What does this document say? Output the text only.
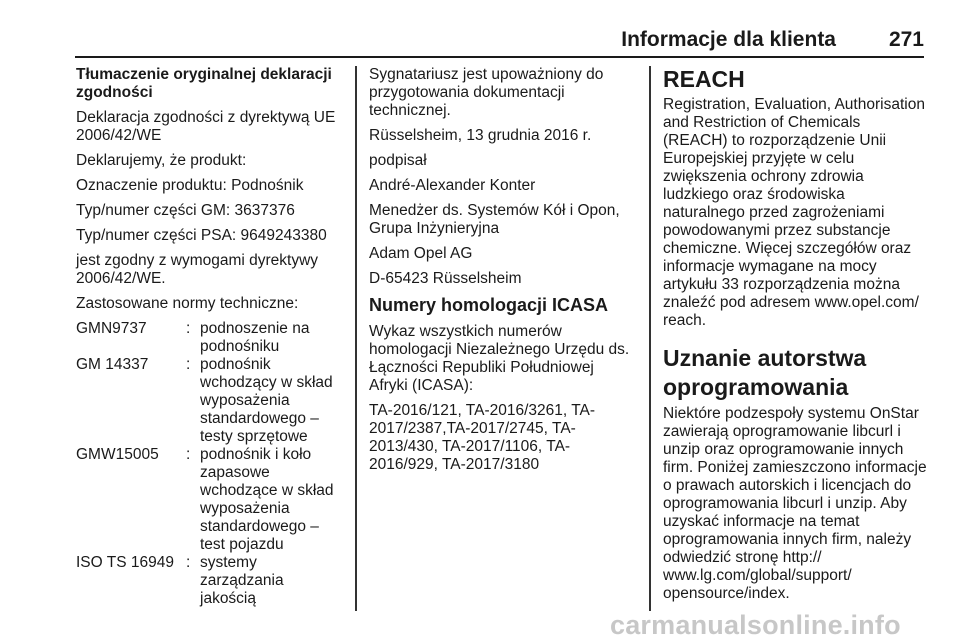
Informacje dla klienta	271

Tłumaczenie oryginalnej deklaracji zgodności

Deklaracja zgodności z dyrektywą UE 2006/42/WE

Deklarujemy, że produkt:

Oznaczenie produktu: Podnośnik

Typ/numer części GM: 3637376

Typ/numer części PSA: 9649243380

jest zgodny z wymogami dyrektywy 2006/42/WE.

Zastosowane normy techniczne:

GMN9737	: podnoszenie na podnośniku
GM 14337	: podnośnik wchodzący w skład wyposażenia standardowego – testy sprzętowe
GMW15005	: podnośnik i koło zapasowe wchodzące w skład wyposażenia standardowego – test pojazdu
ISO TS 16949 : systemy zarządzania jakością

Sygnatariusz jest upoważniony do przygotowania dokumentacji technicznej.

Rüsselsheim, 13 grudnia 2016 r.

podpisał

André-Alexander Konter

Menedżer ds. Systemów Kół i Opon, Grupa Inżynieryjna

Adam Opel AG

D-65423 Rüsselsheim

Numery homologacji ICASA

Wykaz wszystkich numerów homologacji Niezależnego Urzędu ds. Łączności Republiki Południowej Afryki (ICASA):

TA-2016/121, TA-2016/3261, TA-2017/2387,TA-2017/2745, TA-2013/430, TA-2017/1106, TA-2016/929, TA-2017/3180

REACH

Registration, Evaluation, Authorisation and Restriction of Chemicals (REACH) to rozporządzenie Unii Europejskiej przyjęte w celu zwiększenia ochrony zdrowia ludzkiego oraz środowiska naturalnego przed zagrożeniami powodowanymi przez substancje chemiczne. Więcej szczegółów oraz informacje wymagane na mocy artykułu 33 rozporządzenia można znaleźć pod adresem www.opel.com/ reach.

Uznanie autorstwa oprogramowania

Niektóre podzespoły systemu OnStar zawierają oprogramowanie libcurl i unzip oraz oprogramowanie innych firm. Poniżej zamieszczono informacje o prawach autorskich i licencjach do oprogramowania libcurl i unzip. Aby uzyskać informacje na temat oprogramowania innych firm, należy odwiedzić stronę http:// www.lg.com/global/support/ opensource/index.

carmanualsonline.info
